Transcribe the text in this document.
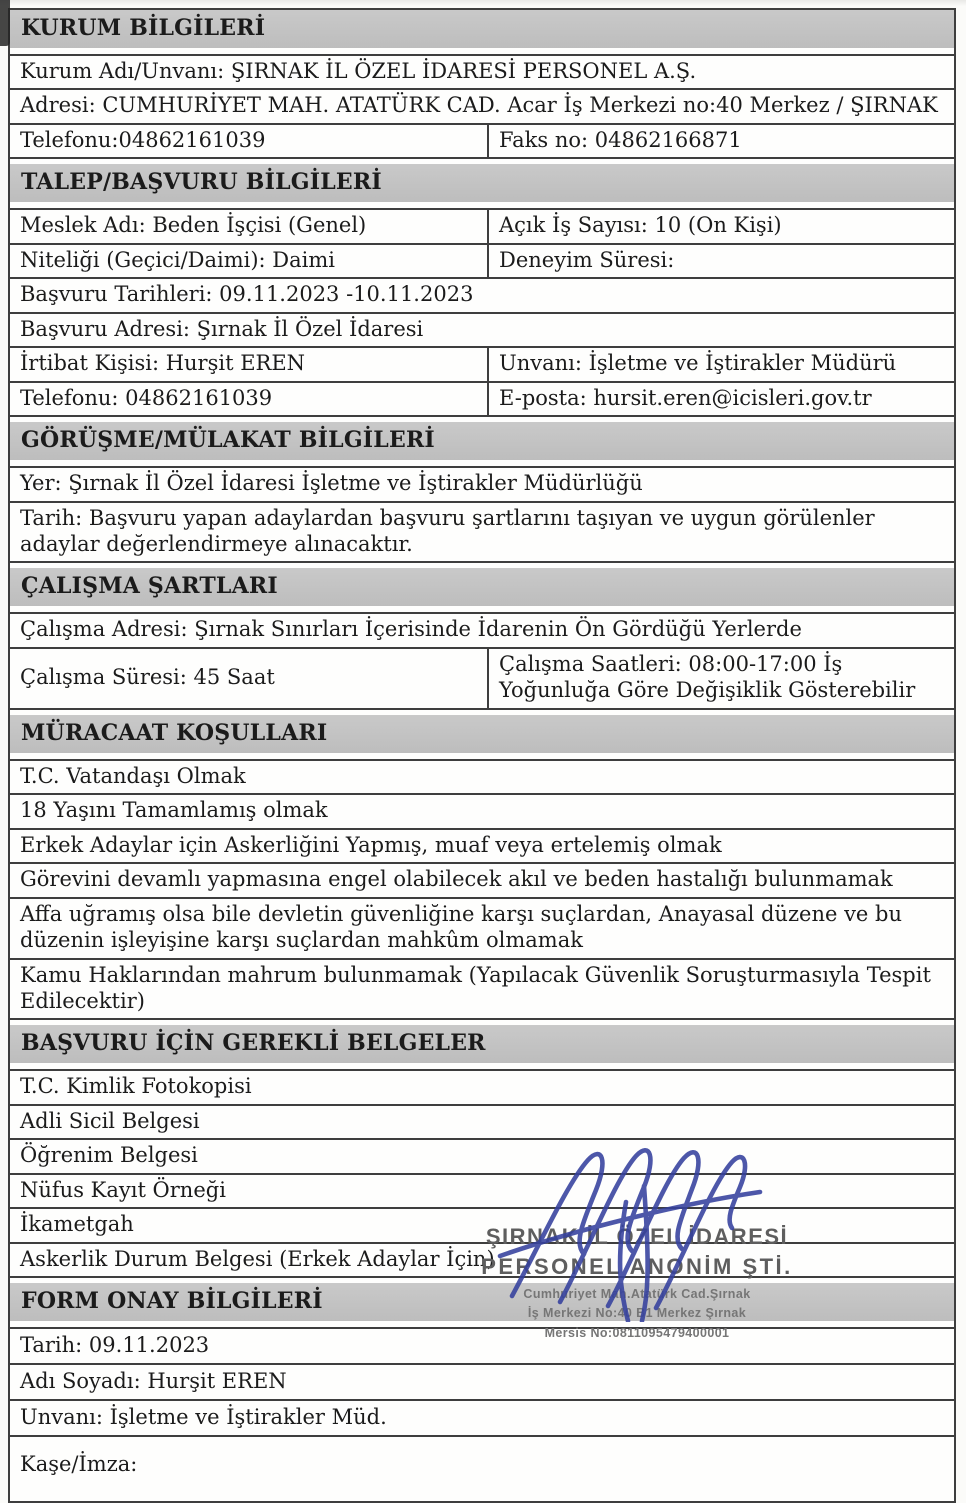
KURUM BİLGİLERİ
Kurum Adı/Unvanı: ŞIRNAK İL ÖZEL İDARESİ PERSONEL A.Ş.
Adresi: CUMHURİYET MAH. ATATÜRK CAD. Acar İş Merkezi no:40 Merkez / ŞIRNAK
Telefonu:04862161039	Faks no: 04862166871
TALEP/BAŞVURU BİLGİLERİ
Meslek Adı: Beden İşçisi (Genel)	Açık İş Sayısı: 10 (On Kişi)
Niteliği (Geçici/Daimi): Daimi	Deneyim Süresi:
Başvuru Tarihleri: 09.11.2023 -10.11.2023
Başvuru Adresi: Şırnak İl Özel İdaresi
İrtibat Kişisi: Hurşit EREN	Unvanı: İşletme ve İştirakler Müdürü
Telefonu: 04862161039	E-posta: hursit.eren@icisleri.gov.tr
GÖRÜŞME/MÜLAKAT BİLGİLERİ
Yer: Şırnak İl Özel İdaresi İşletme ve İştirakler Müdürlüğü
Tarih: Başvuru yapan adaylardan başvuru şartlarını taşıyan ve uygun görülenler adaylar değerlendirmeye alınacaktır.
ÇALIŞMA ŞARTLARI
Çalışma Adresi: Şırnak Sınırları İçerisinde İdarenin Ön Gördüğü Yerlerde
Çalışma Süresi: 45 Saat
Çalışma Saatleri: 08:00-17:00 İş Yoğunluğa Göre Değişiklik Gösterebilir
MÜRACAAT KOŞULLARI
T.C. Vatandaşı Olmak
18 Yaşını Tamamlamış olmak
Erkek Adaylar için Askerliğini Yapmış, muaf veya ertelemiş olmak
Görevini devamlı yapmasına engel olabilecek akıl ve beden hastalığı bulunmamak
Affa uğramış olsa bile devletin güvenliğine karşı suçlardan, Anayasal düzene ve bu düzenin işleyişine karşı suçlardan mahkûm olmamak
Kamu Haklarından mahrum bulunmamak (Yapılacak Güvenlik Soruşturmasıyla Tespit Edilecektir)
BAŞVURU İÇİN GEREKLİ BELGELER
T.C. Kimlik Fotokopisi
Adli Sicil Belgesi
Öğrenim Belgesi
Nüfus Kayıt Örneği
İkametgah
Askerlik Durum Belgesi (Erkek Adaylar İçin)
FORM ONAY BİLGİLERİ
Tarih: 09.11.2023
Adı Soyadı: Hurşit EREN
Unvanı: İşletme ve İştirakler Müd.
Kaşe/İmza:
ŞIRNAK İL ÖZEL İDARESİ
PERSONEL ANONİM ŞTİ.
Cumhuriyet Mah.Atatürk Cad.Şırnak
İş Merkezi No:40 B1 Merkez Şırnak
Mersis No:0811095479400001
